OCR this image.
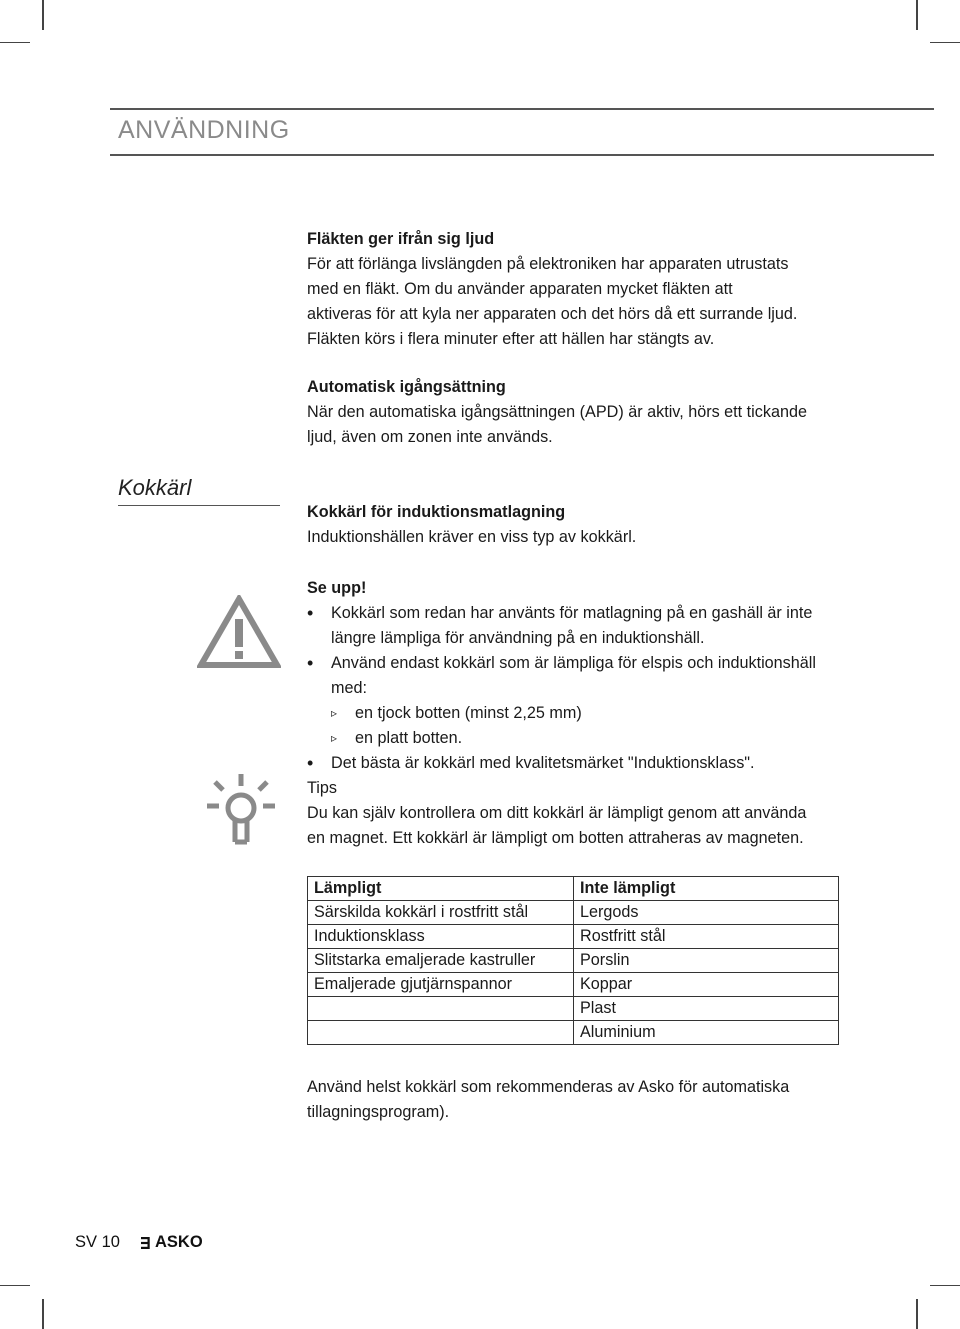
ANVÄNDNING

Fläkten ger ifrån sig ljud

För att förlänga livslängden på elektroniken har apparaten utrustats

med en fläkt. Om du använder apparaten mycket fläkten att

aktiveras för att kyla ner apparaten och det hörs då ett surrande ljud.

Fläkten körs i flera minuter efter att hällen har stängts av.

Automatisk igångsättning

När den automatiska igångsättningen (APD) är aktiv, hörs ett tickande

ljud, även om zonen inte används.

Kokkärl

Kokkärl för induktionsmatlagning

Induktionshällen kräver en viss typ av kokkärl.

Se upp!

• Kokkärl som redan har använts för matlagning på en gashäll är inte
längre lämpliga för användning på en induktionshäll.
• Använd endast kokkärl som är lämpliga för elspis och induktionshäll
med:
▹ en tjock botten (minst 2,25 mm)
▹ en platt botten.
• Det bästa är kokkärl med kvalitetsmärket "Induktionsklass".

Tips

Du kan själv kontrollera om ditt kokkärl är lämpligt genom att använda

en magnet. Ett kokkärl är lämpligt om botten attraheras av magneten.

Lämpligt	Inte lämpligt
Särskilda kokkärl i rostfritt stål	Lergods
Induktionsklass	Rostfritt stål
Slitstarka emaljerade kastruller	Porslin
Emaljerade gjutjärnspannor	Koppar
	Plast
	Aluminium

Använd helst kokkärl som rekommenderas av Asko för automatiska

tillagningsprogram).

SV 10 ASKO
